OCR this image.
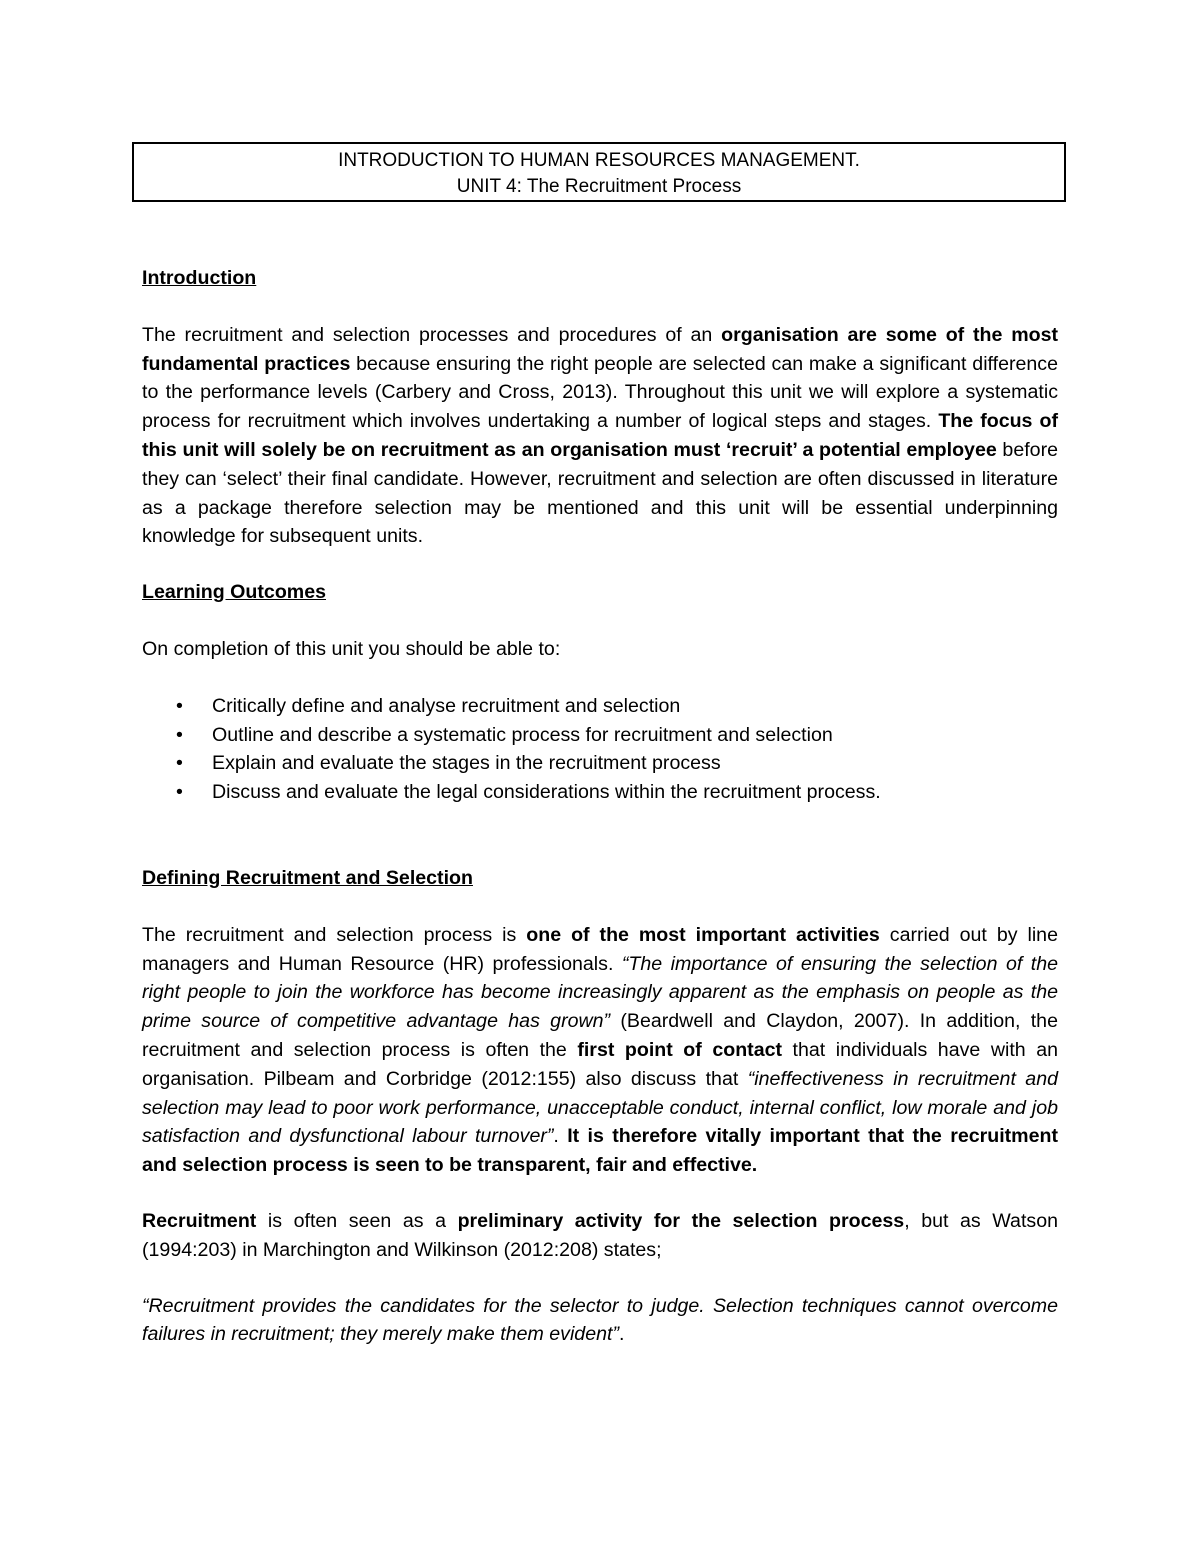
INTRODUCTION TO HUMAN RESOURCES MANAGEMENT.
UNIT 4: The Recruitment Process
Introduction

The recruitment and selection processes and procedures of an organisation are some of the most fundamental practices because ensuring the right people are selected can make a significant difference to the performance levels (Carbery and Cross, 2013). Throughout this unit we will explore a systematic process for recruitment which involves undertaking a number of logical steps and stages. The focus of this unit will solely be on recruitment as an organisation must ‘recruit’ a potential employee before they can ‘select’ their final candidate. However, recruitment and selection are often discussed in literature as a package therefore selection may be mentioned and this unit will be essential underpinning knowledge for subsequent units.

Learning Outcomes

On completion of this unit you should be able to:

• Critically define and analyse recruitment and selection
• Outline and describe a systematic process for recruitment and selection
• Explain and evaluate the stages in the recruitment process
• Discuss and evaluate the legal considerations within the recruitment process.
Defining Recruitment and Selection

The recruitment and selection process is one of the most important activities carried out by line managers and Human Resource (HR) professionals. “The importance of ensuring the selection of the right people to join the workforce has become increasingly apparent as the emphasis on people as the prime source of competitive advantage has grown” (Beardwell and Claydon, 2007). In addition, the recruitment and selection process is often the first point of contact that individuals have with an organisation. Pilbeam and Corbridge (2012:155) also discuss that “ineffectiveness in recruitment and selection may lead to poor work performance, unacceptable conduct, internal conflict, low morale and job satisfaction and dysfunctional labour turnover”. It is therefore vitally important that the recruitment and selection process is seen to be transparent, fair and effective.

Recruitment is often seen as a preliminary activity for the selection process, but as Watson (1994:203) in Marchington and Wilkinson (2012:208) states;

“Recruitment provides the candidates for the selector to judge. Selection techniques cannot overcome failures in recruitment; they merely make them evident”.
